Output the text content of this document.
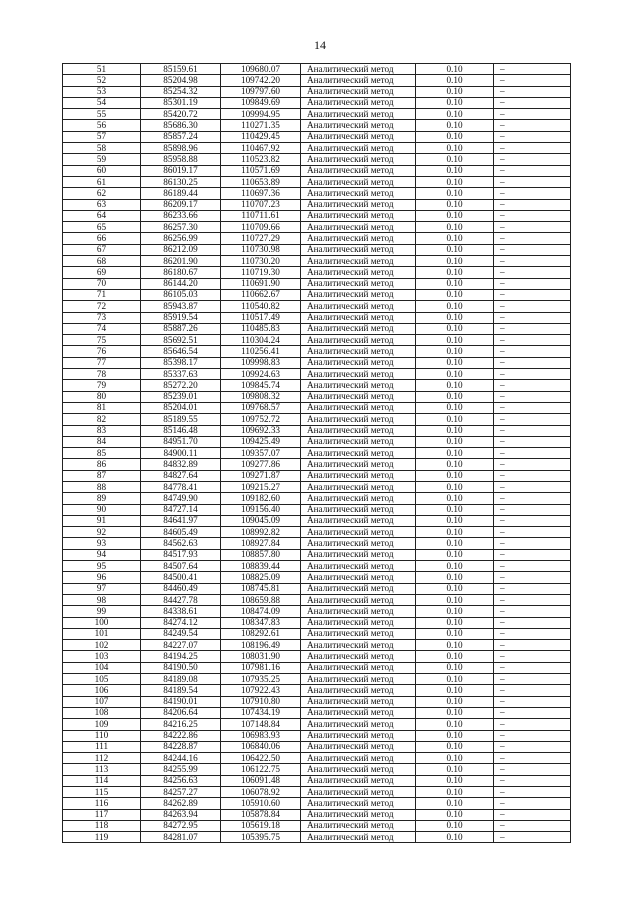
14
51	85159.61	109680.07	Аналитический метод	0.10	–
52	85204.98	109742.20	Аналитический метод	0.10	–
53	85254.32	109797.60	Аналитический метод	0.10	–
54	85301.19	109849.69	Аналитический метод	0.10	–
55	85420.72	109994.95	Аналитический метод	0.10	–
56	85686.30	110271.35	Аналитический метод	0.10	–
57	85857.24	110429.45	Аналитический метод	0.10	–
58	85898.96	110467.92	Аналитический метод	0.10	–
59	85958.88	110523.82	Аналитический метод	0.10	–
60	86019.17	110571.69	Аналитический метод	0.10	–
61	86130.25	110653.89	Аналитический метод	0.10	–
62	86189.44	110697.36	Аналитический метод	0.10	–
63	86209.17	110707.23	Аналитический метод	0.10	–
64	86233.66	110711.61	Аналитический метод	0.10	–
65	86257.30	110709.66	Аналитический метод	0.10	–
66	86256.99	110727.29	Аналитический метод	0.10	–
67	86212.09	110730.98	Аналитический метод	0.10	–
68	86201.90	110730.20	Аналитический метод	0.10	–
69	86180.67	110719.30	Аналитический метод	0.10	–
70	86144.20	110691.90	Аналитический метод	0.10	–
71	86105.03	110662.67	Аналитический метод	0.10	–
72	85943.87	110540.82	Аналитический метод	0.10	–
73	85919.54	110517.49	Аналитический метод	0.10	–
74	85887.26	110485.83	Аналитический метод	0.10	–
75	85692.51	110304.24	Аналитический метод	0.10	–
76	85646.54	110256.41	Аналитический метод	0.10	–
77	85398.17	109998.83	Аналитический метод	0.10	–
78	85337.63	109924.63	Аналитический метод	0.10	–
79	85272.20	109845.74	Аналитический метод	0.10	–
80	85239.01	109808.32	Аналитический метод	0.10	–
81	85204.01	109768.57	Аналитический метод	0.10	–
82	85189.55	109752.72	Аналитический метод	0.10	–
83	85146.48	109692.33	Аналитический метод	0.10	–
84	84951.70	109425.49	Аналитический метод	0.10	–
85	84900.11	109357.07	Аналитический метод	0.10	–
86	84832.89	109277.86	Аналитический метод	0.10	–
87	84827.64	109271.87	Аналитический метод	0.10	–
88	84778.41	109215.27	Аналитический метод	0.10	–
89	84749.90	109182.60	Аналитический метод	0.10	–
90	84727.14	109156.40	Аналитический метод	0.10	–
91	84641.97	109045.09	Аналитический метод	0.10	–
92	84605.49	108992.82	Аналитический метод	0.10	–
93	84562.63	108927.84	Аналитический метод	0.10	–
94	84517.93	108857.80	Аналитический метод	0.10	–
95	84507.64	108839.44	Аналитический метод	0.10	–
96	84500.41	108825.09	Аналитический метод	0.10	–
97	84460.49	108745.81	Аналитический метод	0.10	–
98	84427.78	108659.88	Аналитический метод	0.10	–
99	84338.61	108474.09	Аналитический метод	0.10	–
100	84274.12	108347.83	Аналитический метод	0.10	–
101	84249.54	108292.61	Аналитический метод	0.10	–
102	84227.07	108196.49	Аналитический метод	0.10	–
103	84194.25	108031.90	Аналитический метод	0.10	–
104	84190.50	107981.16	Аналитический метод	0.10	–
105	84189.08	107935.25	Аналитический метод	0.10	–
106	84189.54	107922.43	Аналитический метод	0.10	–
107	84190.01	107910.80	Аналитический метод	0.10	–
108	84206.64	107434.19	Аналитический метод	0.10	–
109	84216.25	107148.84	Аналитический метод	0.10	–
110	84222.86	106983.93	Аналитический метод	0.10	–
111	84228.87	106840.06	Аналитический метод	0.10	–
112	84244.16	106422.50	Аналитический метод	0.10	–
113	84255.99	106122.75	Аналитический метод	0.10	–
114	84256.63	106091.48	Аналитический метод	0.10	–
115	84257.27	106078.92	Аналитический метод	0.10	–
116	84262.89	105910.60	Аналитический метод	0.10	–
117	84263.94	105878.84	Аналитический метод	0.10	–
118	84272.95	105619.18	Аналитический метод	0.10	–
119	84281.07	105395.75	Аналитический метод	0.10	–
